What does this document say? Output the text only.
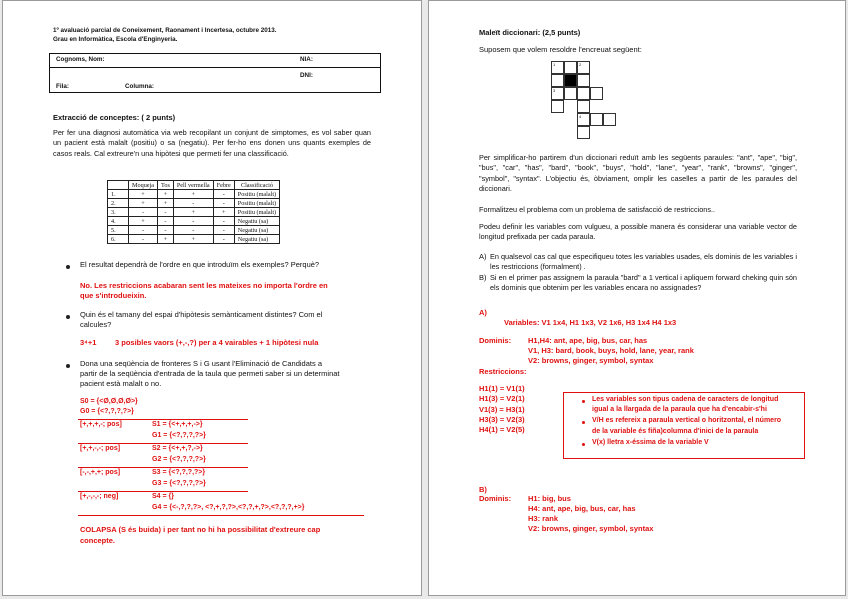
1º avaluació parcial de Coneixement, Raonament i Incertesa, octubre 2013.
Grau en Informàtica, Escola d'Enginyeria.
Cognoms, Nom:	NIA:
DNI:
Fila:	Columna:
Extracció de conceptes: ( 2 punts)

Per fer una diagnosi automàtica via web recopilant un conjunt de simptomes, es vol saber quan un pacient està malalt (positiu) o sa (negatiu). Per fer-ho ens donen uns quants exemples de casos reals. Cal extreure'n una hipòtesi que permeti fer una classificació.

	Moqueja	Tos	Pell vermella	Febre	Classificació
1.	+	+	+	-	Positiu (malalt)
2.	+	+	-	-	Positiu (malalt)
3.	-	-	+	+	Positiu (malalt)
4.	+	-	-	-	Negatiu (sa)
5.	-	-	-	-	Negatiu (sa)
6.	-	+	+	-	Negatiu (sa)
El resultat dependrà de l'ordre en que introduïm els exemples? Perquè?
No. Les restriccions acabaran sent les mateixes no importa l'ordre en
que s'introdueixin.
Quin és el tamany del espai d'hipòtesis semànticament distintes? Com el
calcules?
3⁴+1 3 posibles vaors (+,-,?) per a 4 vairables + 1 hipòtesi nula
Dona una seqüència de fronteres S i G usant l'Eliminació de Candidats a
partir de la seqüència d'entrada de la taula que permeti saber si un determinat
pacient està malalt o no.
S0 = {<Ø,Ø,Ø,Ø>}
G0 = {<?,?,?,?>}
[+,+,+,-; pos]	S1 = {<+,+,+,->}
G1 = {<?,?,?,?>}
[+,+,-,-; pos]	S2 = {<+,+,?,->}
G2 = {<?,?,?,?>}
[-,-,+,+; pos]	S3 = {<?,?,?,?>}
G3 = {<?,?,?,?>}
[+,-,-,-; neg]	S4 = {}
G4 = {<-,?,?,?>, <?,+,?,?>,<?,?,+,?>,<?,?,?,+>}
COLAPSA (S és buida) i per tant no hi ha possibilitat d'extreure cap
concepte.
Maleït diccionari: (2,5 punts)
Suposem que volem resoldre l'encreuat següent:
1	2
3
4

Per simplificar-ho partirem d'un diccionari reduït amb les següents paraules: "ant", "ape", "big", "bus", "car", "has", "bard", "book", "buys", "hold", "lane", "year", "rank", "browns", "ginger", "symbol", "syntax". L'objectiu és, òbviament, omplir les caselles a partir de les paraules del diccionari.

Formalitzeu el problema com un problema de satisfacció de restriccions..

Podeu definir les variables com vulgueu, a possible manera és considerar una variable vector de longitud prefixada per cada paraula.

A) En qualsevol cas cal que especifiqueu totes les variables usades, els dominis de les variables i les restriccions (formalment) .

B) Si en el primer pas assignem la paraula "bard" a 1 vertical i apliquem forward cheking quin són els dominis que obtenim per les variables encara no assignades?

A)
Variables: V1 1x4, H1 1x3, V2 1x6, H3 1x4 H4 1x3
Dominis: H1,H4: ant, ape, big, bus, car, has
V1, H3: bard, book, buys, hold, lane, year, rank
V2: browns, ginger, symbol, syntax
Restriccions:
H1(1) = V1(1)
H1(3) = V2(1)
V1(3) = H3(1)
H3(3) = V2(3)
H4(1) = V2(5)
Les variables son tipus cadena de caracters de longitud
igual a la llargada de la paraula que ha d'encabir-s'hi
V/H es refereix a paraula vertical o horitzontal, el número
de la variable és fiña)columna d'inici de la paraula
V(x) lletra x-éssima de la variable V
B)
Dominis: H1: big, bus
H4: ant, ape, big, bus, car, has
H3: rank
V2: browns, ginger, symbol, syntax
